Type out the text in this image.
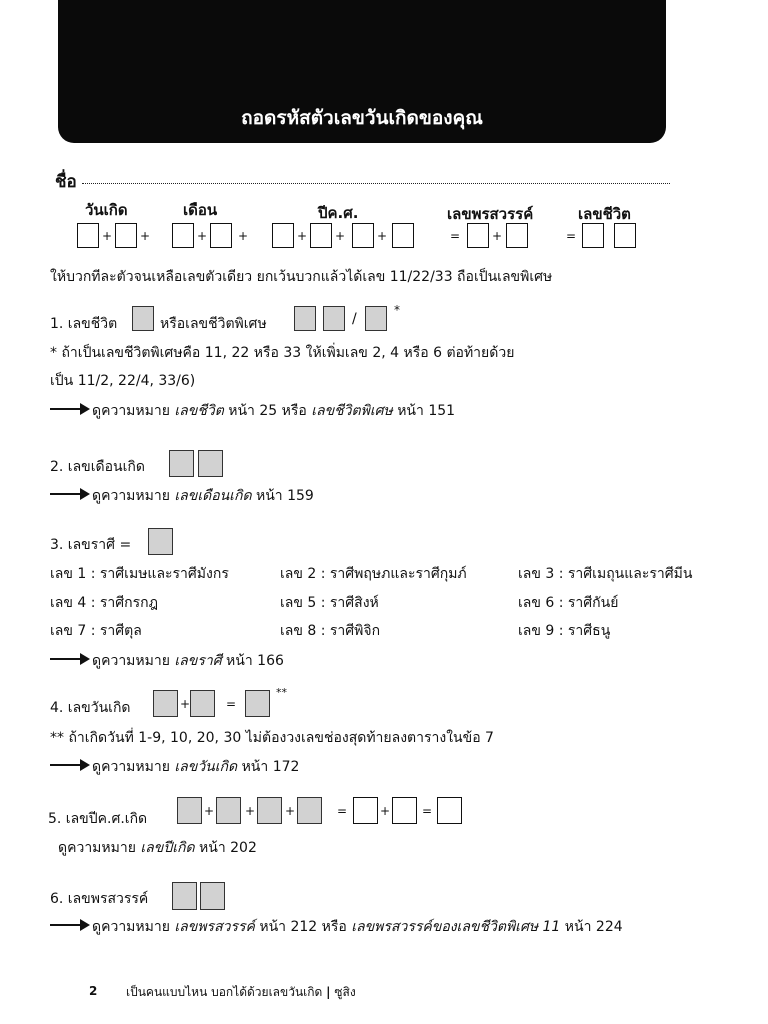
ถอดรหัสตัวเลขวันเกิดของคุณ
ชื่อ
วันเกิด	เดือน	ปีค.ศ.	เลขพรสวรรค์	เลขชีวิต
+ +	+	+	+ +	+	=	+	=
ให้บวกทีละตัวจนเหลือเลขตัวเดียว ยกเว้นบวกแล้วได้เลข 11/22/33 ถือเป็นเลขพิเศษ
1. เลขชีวิต	หรือเลขชีวิตพิเศษ	/
*
* ถ้าเป็นเลขชีวิตพิเศษคือ 11, 22 หรือ 33 ให้เพิ่มเลข 2, 4 หรือ 6 ต่อท้ายด้วย
เป็น 11/2, 22/4, 33/6)
ดูความหมาย เลขชีวิต หน้า 25 หรือ เลขชีวิตพิเศษ หน้า 151
2. เลขเดือนเกิด
ดูความหมาย เลขเดือนเกิด หน้า 159
3. เลขราศี =
เลข 1 : ราศีเมษและราศีมังกร	เลข 2 : ราศีพฤษภและราศีกุมภ์	เลข 3 : ราศีเมถุนและราศีมีน
เลข 4 : ราศีกรกฎ	เลข 5 : ราศีสิงห์	เลข 6 : ราศีกันย์
เลข 7 : ราศีตุล	เลข 8 : ราศีพิจิก	เลข 9 : ราศีธนู
ดูความหมาย เลขราศี หน้า 166
4. เลขวันเกิด	+	=
**
** ถ้าเกิดวันที่ 1-9, 10, 20, 30 ไม่ต้องวงเลขช่องสุดท้ายลงตารางในข้อ 7
ดูความหมาย เลขวันเกิด หน้า 172
5. เลขปีค.ศ.เกิด	+	+ +	=	+	=
ดูความหมาย เลขปีเกิด หน้า 202
6. เลขพรสวรรค์
ดูความหมาย เลขพรสวรรค์ หน้า 212 หรือ เลขพรสวรรค์ของเลขชีวิตพิเศษ 11 หน้า 224
2 เป็นคนแบบไหน บอกได้ด้วยเลขวันเกิด | ซูสิง
